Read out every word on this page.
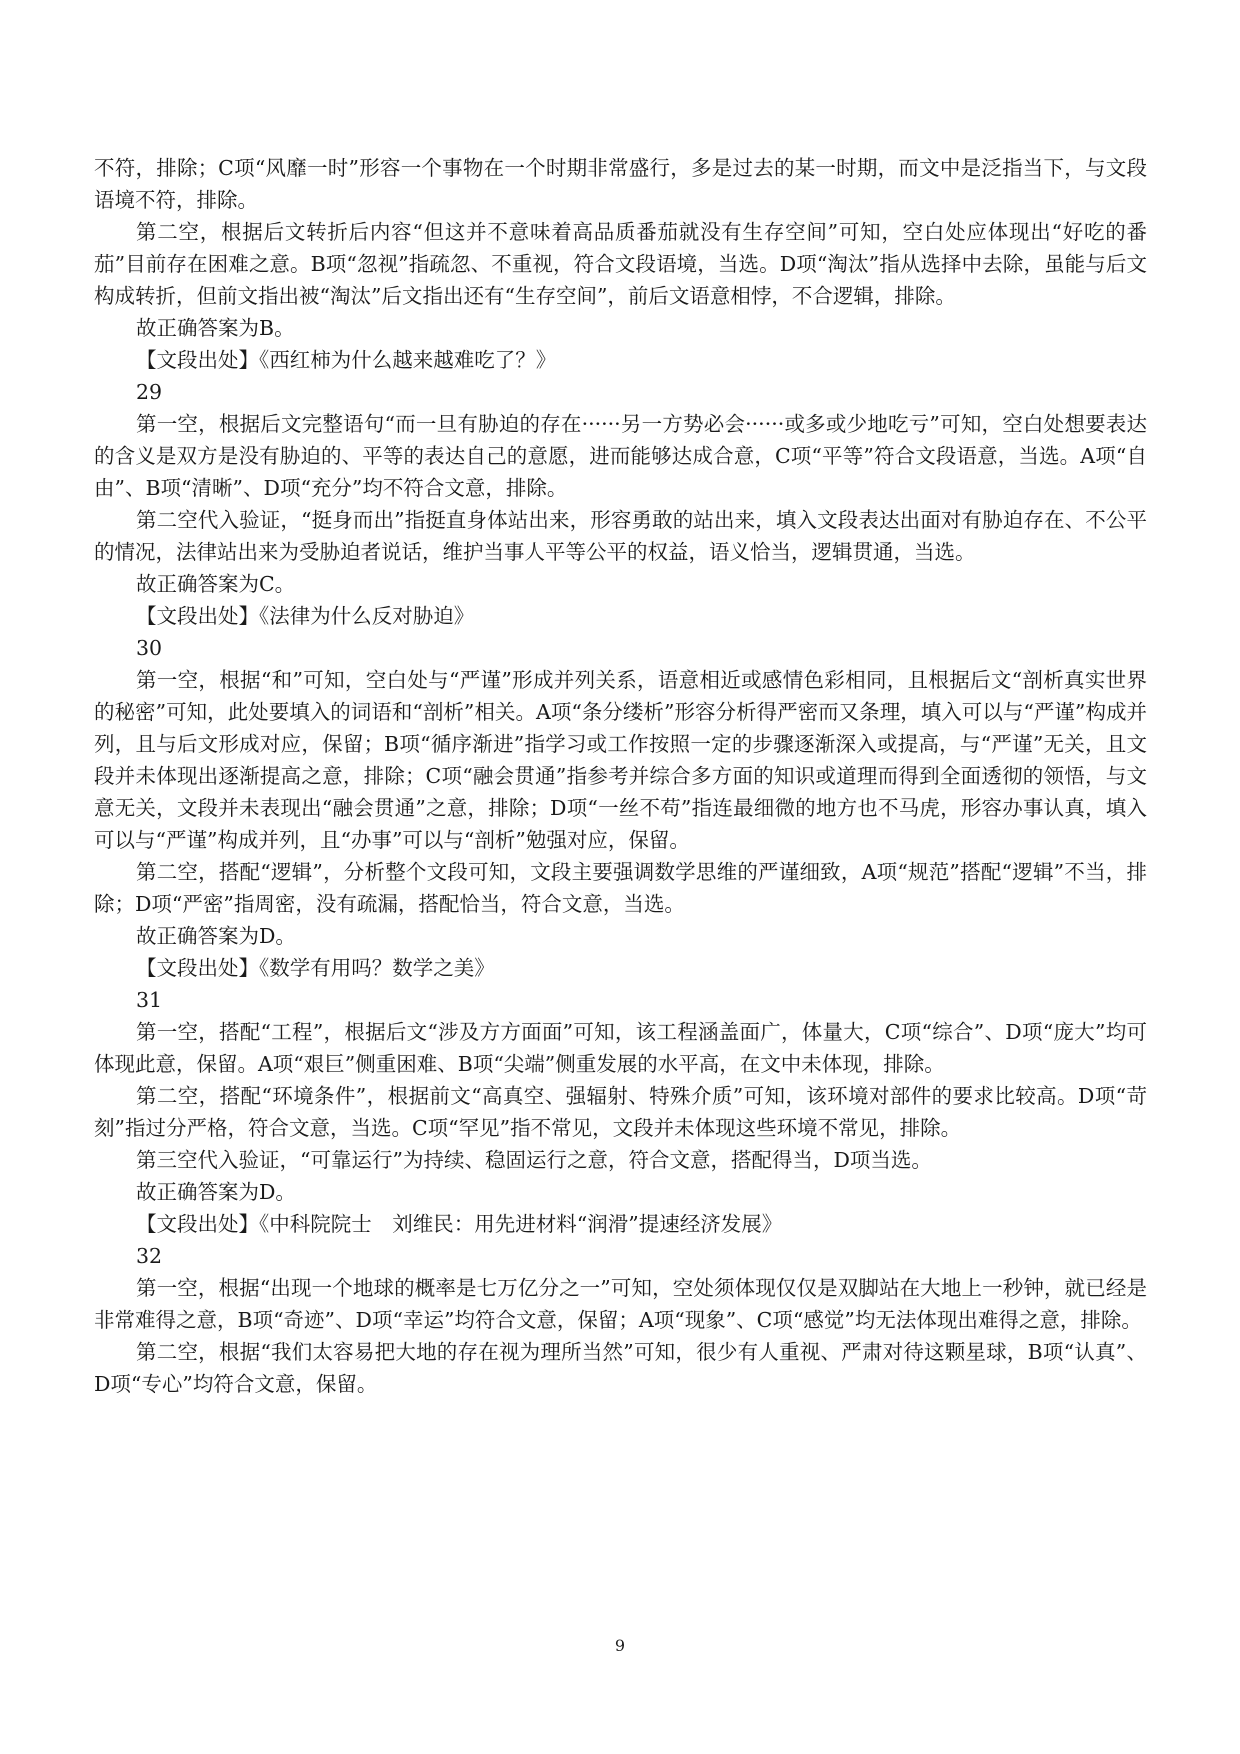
不符，排除；C项“风靡一时”形容一个事物在一个时期非常盛行，多是过去的某一时期，而文中是泛指当下，与文段语境不符，排除。

第二空，根据后文转折后内容“但这并不意味着高品质番茄就没有生存空间”可知，空白处应体现出“好吃的番茄”目前存在困难之意。B项“忽视”指疏忽、不重视，符合文段语境，当选。D项“淘汰”指从选择中去除，虽能与后文构成转折，但前文指出被“淘汰”后文指出还有“生存空间”，前后文语意相悖，不合逻辑，排除。

故正确答案为B。

【文段出处】《西红柿为什么越来越难吃了？》

29

第一空，根据后文完整语句“而一旦有胁迫的存在······另一方势必会······或多或少地吃亏”可知，空白处想要表达的含义是双方是没有胁迫的、平等的表达自己的意愿，进而能够达成合意，C项“平等”符合文段语意，当选。A项“自由”、B项“清晰”、D项“充分”均不符合文意，排除。

第二空代入验证，“挺身而出”指挺直身体站出来，形容勇敢的站出来，填入文段表达出面对有胁迫存在、不公平的情况，法律站出来为受胁迫者说话，维护当事人平等公平的权益，语义恰当，逻辑贯通，当选。

故正确答案为C。

【文段出处】《法律为什么反对胁迫》

30

第一空，根据“和”可知，空白处与“严谨”形成并列关系，语意相近或感情色彩相同，且根据后文“剖析真实世界的秘密”可知，此处要填入的词语和“剖析”相关。A项“条分缕析”形容分析得严密而又条理，填入可以与“严谨”构成并列，且与后文形成对应，保留；B项“循序渐进”指学习或工作按照一定的步骤逐渐深入或提高，与“严谨”无关，且文段并未体现出逐渐提高之意，排除；C项“融会贯通”指参考并综合多方面的知识或道理而得到全面透彻的领悟，与文意无关，文段并未表现出“融会贯通”之意，排除；D项“一丝不苟”指连最细微的地方也不马虎，形容办事认真，填入可以与“严谨”构成并列，且“办事”可以与“剖析”勉强对应，保留。

第二空，搭配“逻辑”，分析整个文段可知，文段主要强调数学思维的严谨细致，A项“规范”搭配“逻辑”不当，排除；D项“严密”指周密，没有疏漏，搭配恰当，符合文意，当选。

故正确答案为D。

【文段出处】《数学有用吗？数学之美》

31

第一空，搭配“工程”，根据后文“涉及方方面面”可知，该工程涵盖面广，体量大，C项“综合”、D项“庞大”均可体现此意，保留。A项“艰巨”侧重困难、B项“尖端”侧重发展的水平高，在文中未体现，排除。

第二空，搭配“环境条件”，根据前文“高真空、强辐射、特殊介质”可知，该环境对部件的要求比较高。D项“苛刻”指过分严格，符合文意，当选。C项“罕见”指不常见，文段并未体现这些环境不常见，排除。

第三空代入验证，“可靠运行”为持续、稳固运行之意，符合文意，搭配得当，D项当选。

故正确答案为D。

【文段出处】《中科院院士　刘维民：用先进材料“润滑”提速经济发展》

32

第一空，根据“出现一个地球的概率是七万亿分之一”可知，空处须体现仅仅是双脚站在大地上一秒钟，就已经是非常难得之意，B项“奇迹”、D项“幸运”均符合文意，保留；A项“现象”、C项“感觉”均无法体现出难得之意，排除。

第二空，根据“我们太容易把大地的存在视为理所当然”可知，很少有人重视、严肃对待这颗星球，B项“认真”、D项“专心”均符合文意，保留。

9
